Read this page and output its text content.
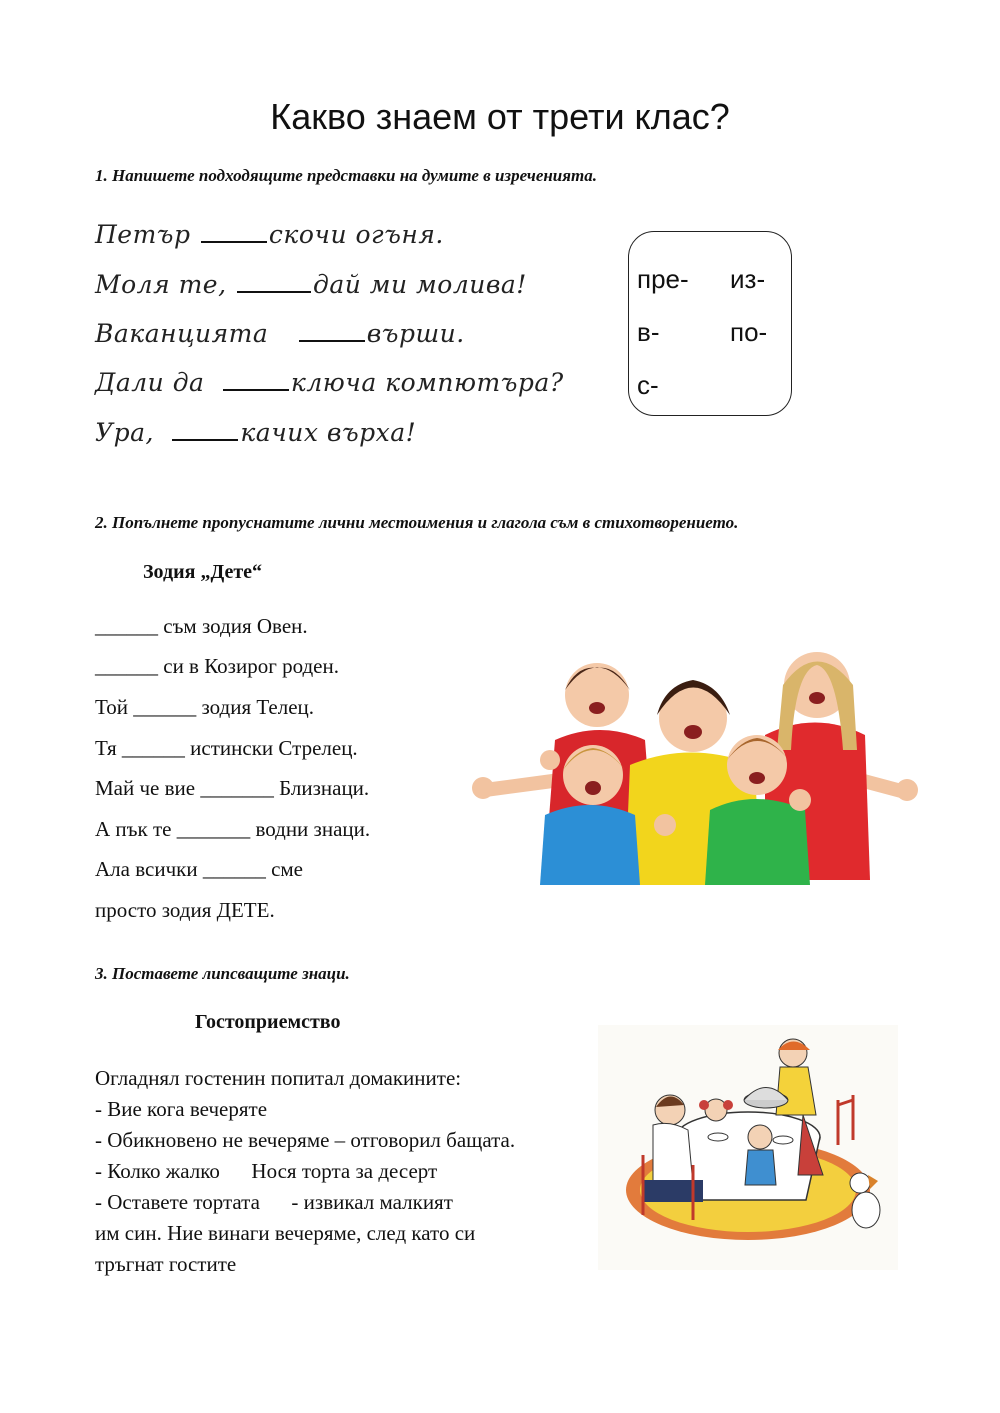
Какво знаем от трети клас?
1. Напишете подходящите представки на думите в изреченията.
Петър	скочи огъня.
Моля те,	дай ми молива!
Ваканцията	върши.
Дали да	ключа компютъра?
Ура,	качих върха!
пре- из-
в-	по-
с-
2. Попълнете пропуснатите лични местоимения и глагола съм в стихотворението.
Зодия „Дете“
______ съм зодия Овен.
______ си в Козирог роден.
Той ______ зодия Телец.
Тя ______ истински Стрелец.
Май че вие _______ Близнаци.
А пък те _______ водни знаци.
Ала всички ______ сме
просто зодия ДЕТЕ.
3. Поставете липсващите знаци.
Гостоприемство
Огладнял гостенин попитал домакините:
- Вие кога вечеряте
- Обикновено не вечеряме – отговорил бащата.
- Колко жалко      Нося торта за десерт
- Оставете тортата      - извикал малкият
им син. Ние винаги вечеряме, след като си
тръгнат гостите
